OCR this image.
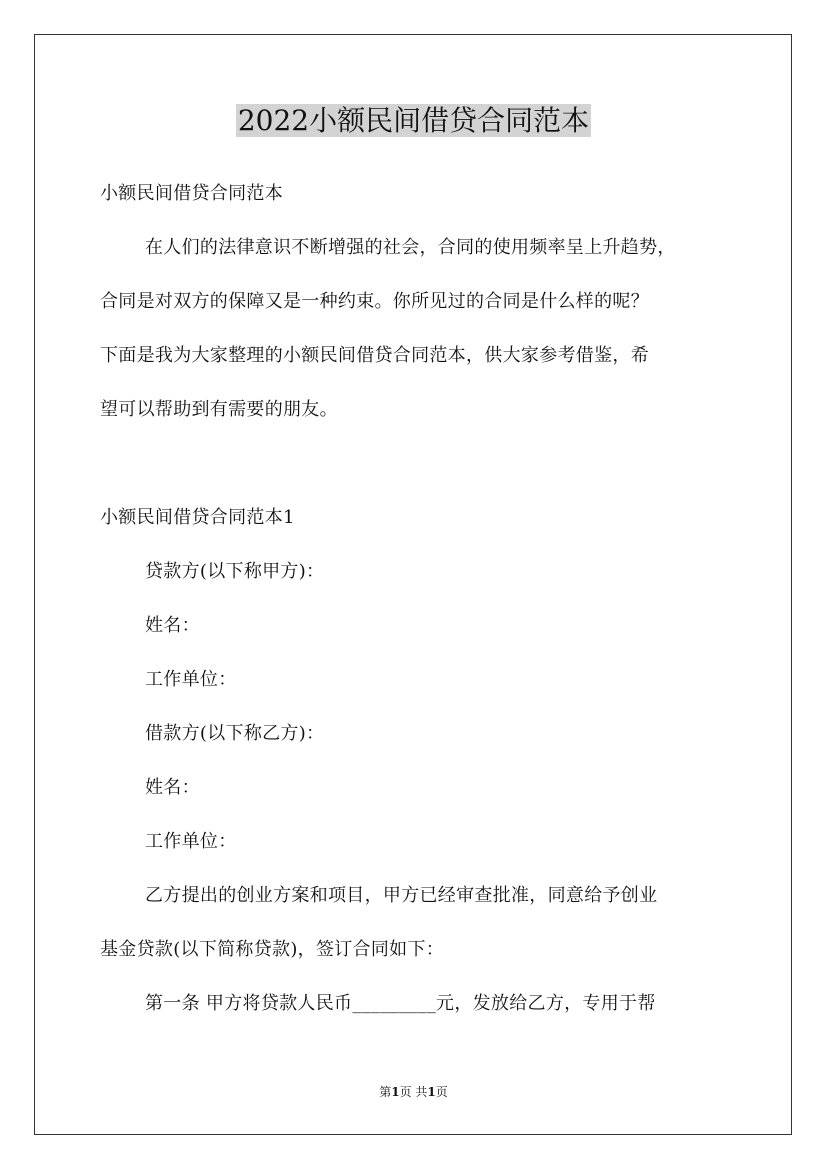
2022小额民间借贷合同范本
小额民间借贷合同范本
在人们的法律意识不断增强的社会，合同的使用频率呈上升趋势，
合同是对双方的保障又是一种约束。你所见过的合同是什么样的呢？
下面是我为大家整理的小额民间借贷合同范本，供大家参考借鉴，希
望可以帮助到有需要的朋友。
小额民间借贷合同范本1
贷款方(以下称甲方)：
姓名：
工作单位：
借款方(以下称乙方)：
姓名：
工作单位：
乙方提出的创业方案和项目，甲方已经审查批准，同意给予创业
基金贷款(以下简称贷款)，签订合同如下：
第一条 甲方将贷款人民币_________元，发放给乙方，专用于帮
第1页 共1页
